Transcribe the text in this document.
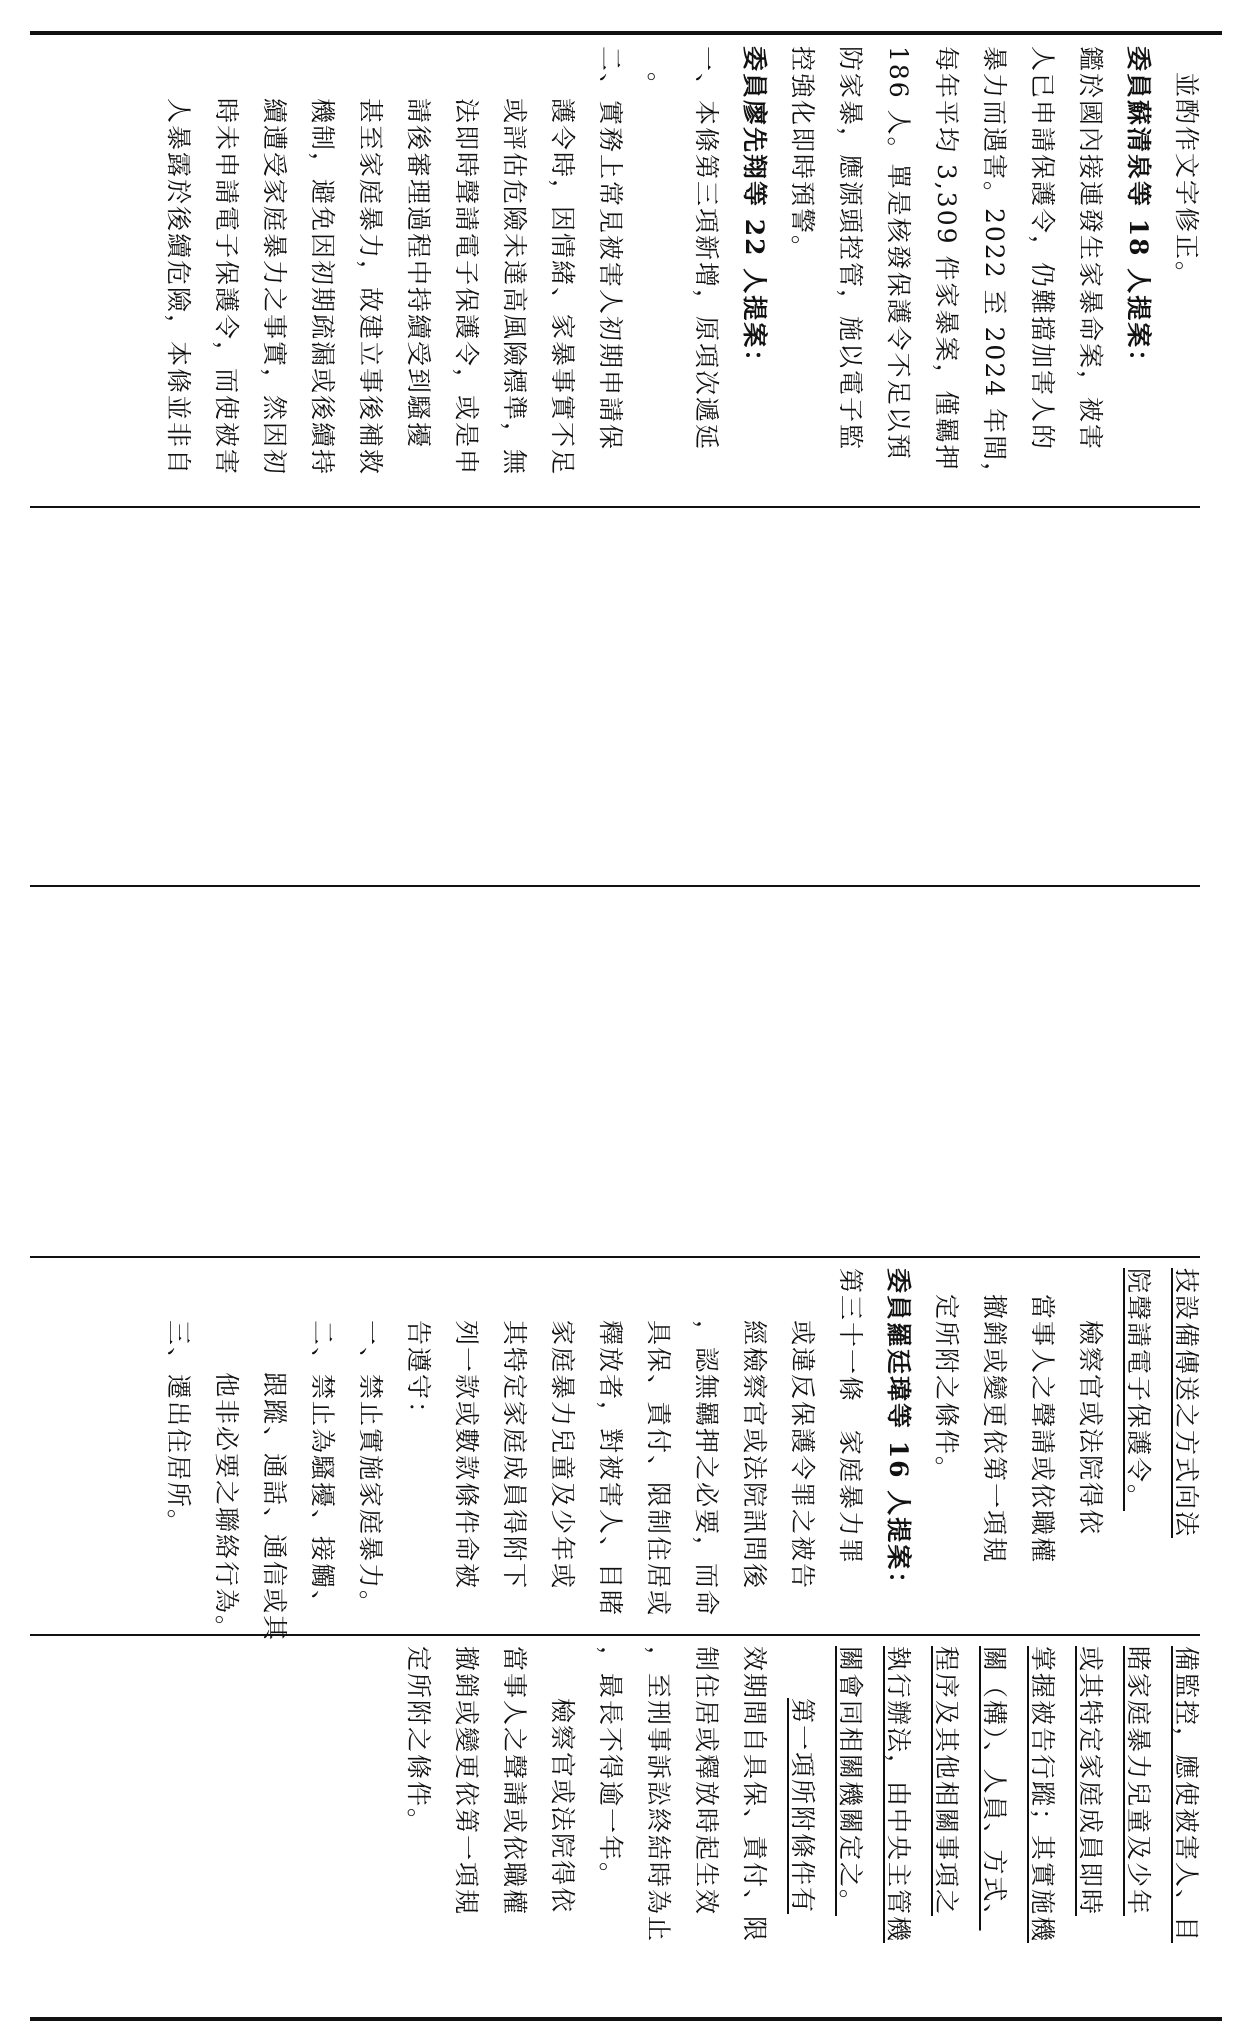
並酌作文字修正。
委員蘇清泉等 18 人提案：
鑑於國內接連發生家暴命案，被害
人已申請保護令，仍難擋加害人的
暴力而遇害。2022 至 2024 年間，
每年平均 3,309 件家暴案，僅羈押
186 人。單是核發保護令不足以預
防家暴，應源頭控管，施以電子監
控強化即時預警。
委員廖先翔等 22 人提案：
一、本條第三項新增，原項次遞延
。
二、實務上常見被害人初期申請保
護令時，因情緒、家暴事實不足
或評估危險未達高風險標準，無
法即時聲請電子保護令，或是申
請後審理過程中持續受到騷擾
甚至家庭暴力，故建立事後補救
機制，避免因初期疏漏或後續持
續遭受家庭暴力之事實，然因初
時未申請電子保護令，而使被害
人暴露於後續危險，本條並非自
技設備傳送之方式向法
院聲請電子保護令。
檢察官或法院得依
當事人之聲請或依職權
撤銷或變更依第一項規
定所附之條件。
委員羅廷瑋等 16 人提案：
第三十一條　家庭暴力罪
或違反保護令罪之被告
經檢察官或法院訊問後
，認無羈押之必要，而命
具保、責付、限制住居或
釋放者，對被害人、目睹
家庭暴力兒童及少年或
其特定家庭成員得附下
列一款或數款條件命被
告遵守：
一、禁止實施家庭暴力。
二、禁止為騷擾、接觸、
跟蹤、通話、通信或其
他非必要之聯絡行為。
三、遷出住居所。
備監控，應使被害人、目
睹家庭暴力兒童及少年
或其特定家庭成員即時
掌握被告行蹤；其實施機
關（構）、人員、方式、
程序及其他相關事項之
執行辦法，由中央主管機
關會同相關機關定之。
第一項所附條件有
效期間自具保、責付、限
制住居或釋放時起生效
，至刑事訴訟終結時為止
，最長不得逾一年。
檢察官或法院得依
當事人之聲請或依職權
撤銷或變更依第一項規
定所附之條件。
